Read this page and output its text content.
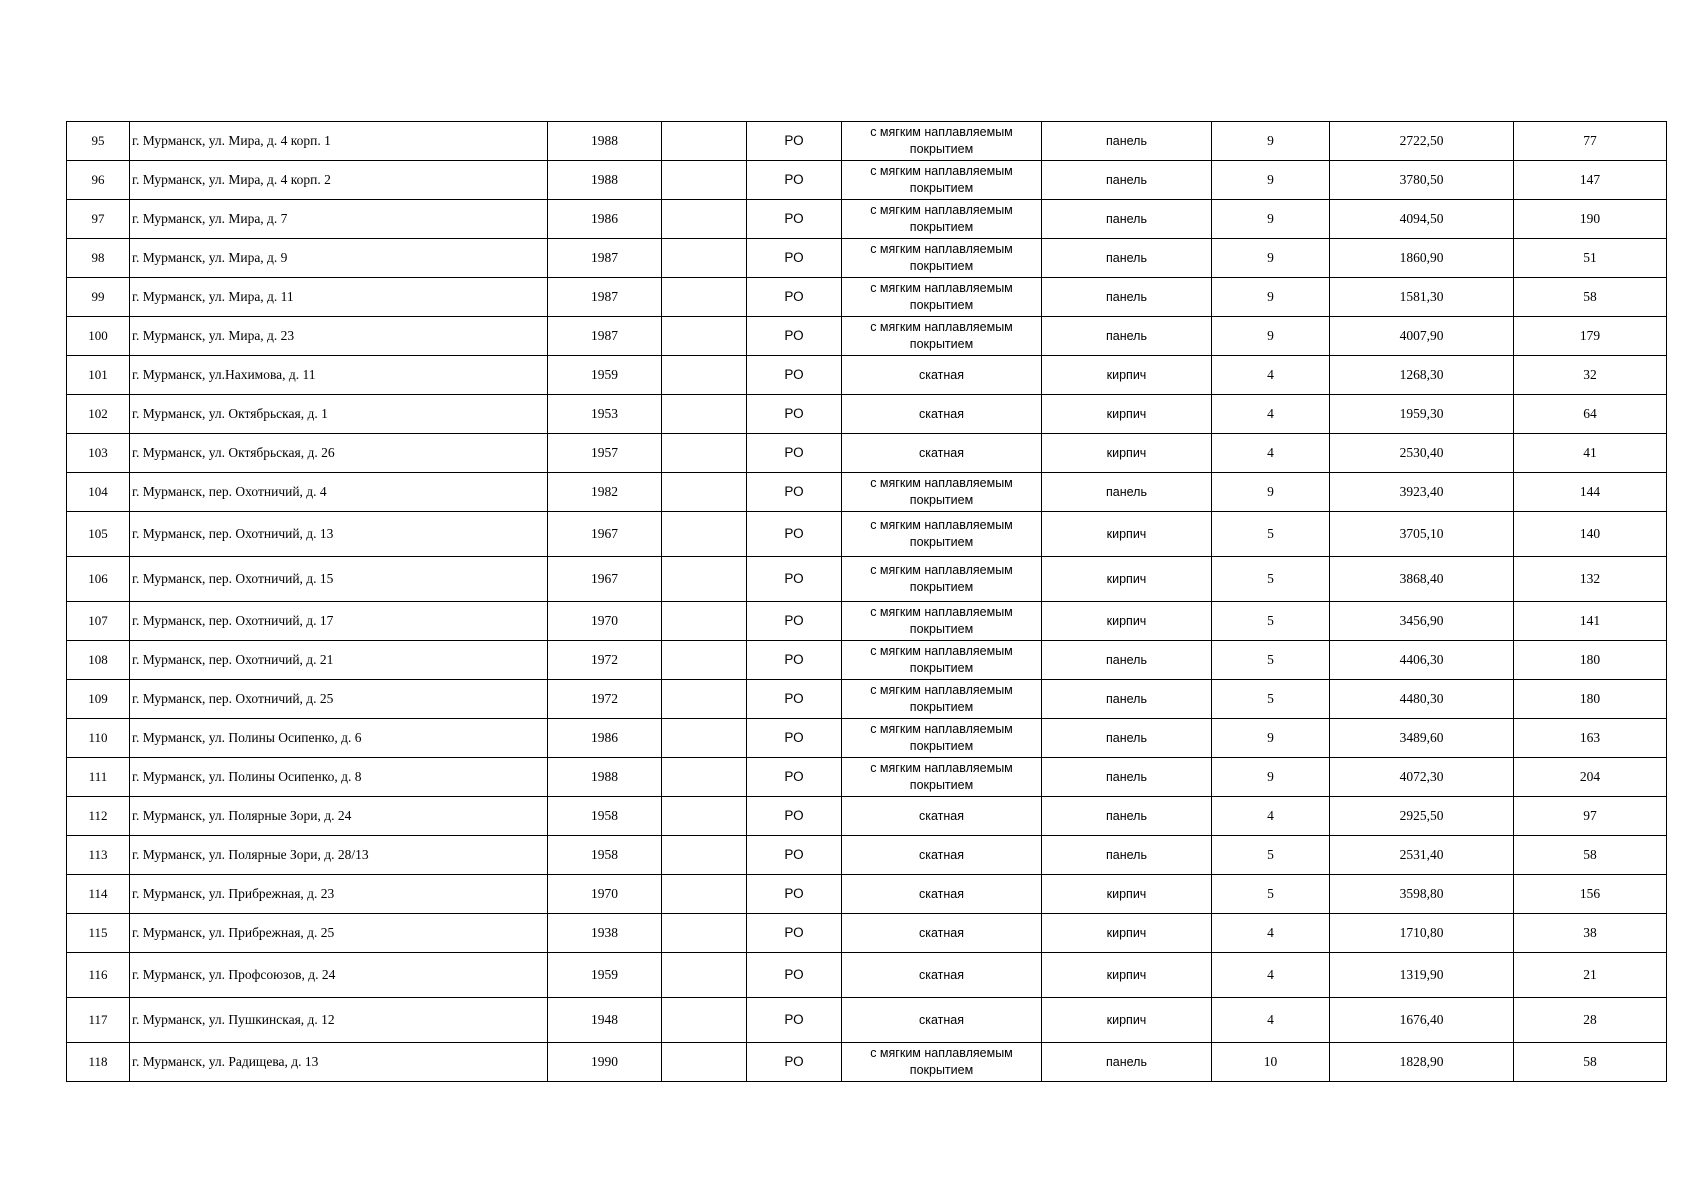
95	г. Мурманск, ул. Мира, д. 4 корп. 1	1988		РО	с мягким наплавляемым покрытием	панель	9	2722,50	77
96	г. Мурманск, ул. Мира, д. 4 корп. 2	1988		РО	с мягким наплавляемым покрытием	панель	9	3780,50	147
97	г. Мурманск, ул. Мира, д. 7	1986		РО	с мягким наплавляемым покрытием	панель	9	4094,50	190
98	г. Мурманск, ул. Мира, д. 9	1987		РО	с мягким наплавляемым покрытием	панель	9	1860,90	51
99	г. Мурманск, ул. Мира, д. 11	1987		РО	с мягким наплавляемым покрытием	панель	9	1581,30	58
100	г. Мурманск, ул. Мира, д. 23	1987		РО	с мягким наплавляемым покрытием	панель	9	4007,90	179
101	г. Мурманск, ул.Нахимова, д. 11	1959		РО	скатная	кирпич	4	1268,30	32
102	г. Мурманск, ул. Октябрьская, д. 1	1953		РО	скатная	кирпич	4	1959,30	64
103	г. Мурманск, ул. Октябрьская, д. 26	1957		РО	скатная	кирпич	4	2530,40	41
104	г. Мурманск, пер. Охотничий, д. 4	1982		РО	с мягким наплавляемым покрытием	панель	9	3923,40	144
105	г. Мурманск, пер. Охотничий, д. 13	1967		РО	с мягким наплавляемым покрытием	кирпич	5	3705,10	140
106	г. Мурманск, пер. Охотничий, д. 15	1967		РО	с мягким наплавляемым покрытием	кирпич	5	3868,40	132
107	г. Мурманск, пер. Охотничий, д. 17	1970		РО	с мягким наплавляемым покрытием	кирпич	5	3456,90	141
108	г. Мурманск, пер. Охотничий, д. 21	1972		РО	с мягким наплавляемым покрытием	панель	5	4406,30	180
109	г. Мурманск, пер. Охотничий, д. 25	1972		РО	с мягким наплавляемым покрытием	панель	5	4480,30	180
110	г. Мурманск, ул. Полины Осипенко, д. 6	1986		РО	с мягким наплавляемым покрытием	панель	9	3489,60	163
111	г. Мурманск, ул. Полины Осипенко, д. 8	1988		РО	с мягким наплавляемым покрытием	панель	9	4072,30	204
112	г. Мурманск, ул. Полярные Зори, д. 24	1958		РО	скатная	панель	4	2925,50	97
113	г. Мурманск, ул. Полярные Зори, д. 28/13	1958		РО	скатная	панель	5	2531,40	58
114	г. Мурманск, ул. Прибрежная, д. 23	1970		РО	скатная	кирпич	5	3598,80	156
115	г. Мурманск, ул. Прибрежная, д. 25	1938		РО	скатная	кирпич	4	1710,80	38
116	г. Мурманск, ул. Профсоюзов, д. 24	1959		РО	скатная	кирпич	4	1319,90	21
117	г. Мурманск, ул. Пушкинская, д. 12	1948		РО	скатная	кирпич	4	1676,40	28
118	г. Мурманск, ул. Радищева, д. 13	1990		РО	с мягким наплавляемым покрытием	панель	10	1828,90	58
